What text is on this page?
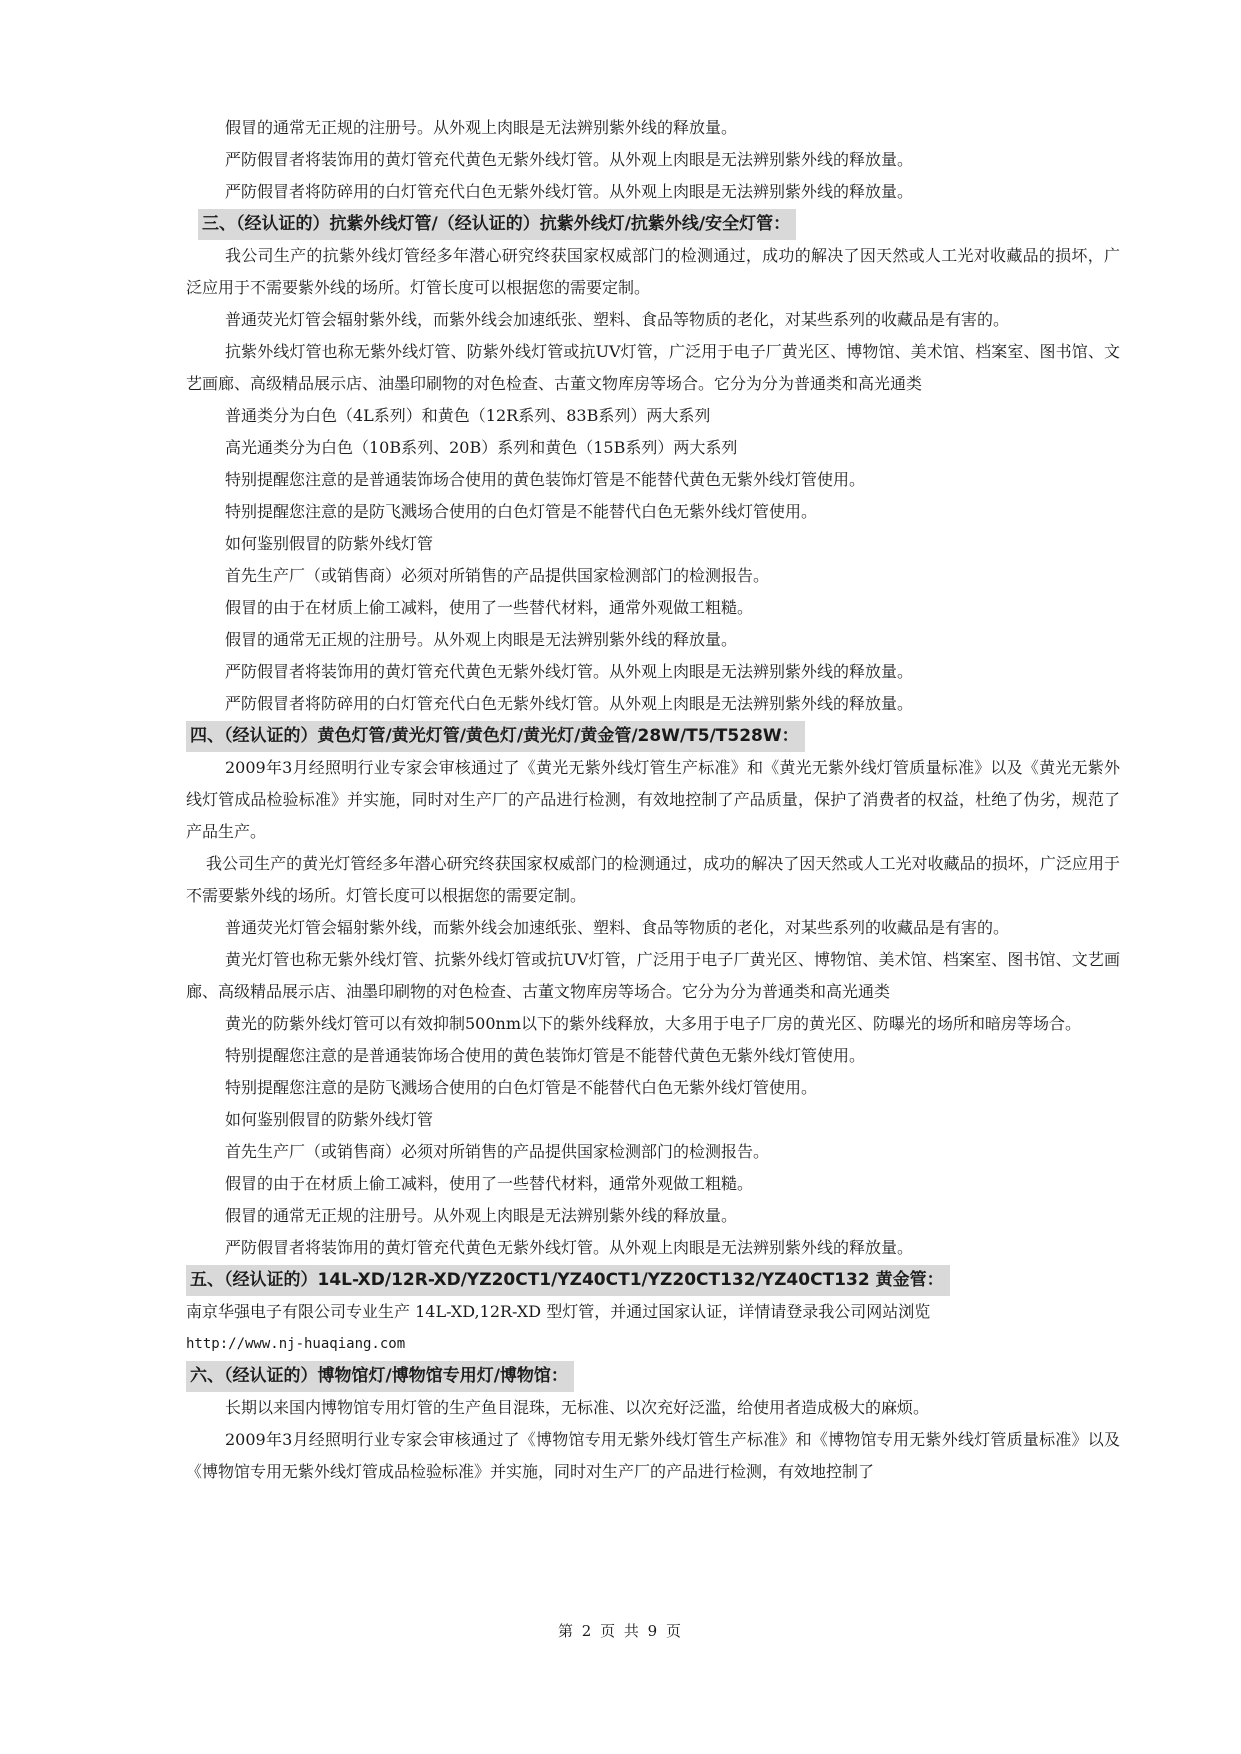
假冒的通常无正规的注册号。从外观上肉眼是无法辨别紫外线的释放量。

严防假冒者将装饰用的黄灯管充代黄色无紫外线灯管。从外观上肉眼是无法辨别紫外线的释放量。

严防假冒者将防碎用的白灯管充代白色无紫外线灯管。从外观上肉眼是无法辨别紫外线的释放量。

三、（经认证的）抗紫外线灯管/（经认证的）抗紫外线灯/抗紫外线/安全灯管：

我公司生产的抗紫外线灯管经多年潜心研究终获国家权威部门的检测通过，成功的解决了因天然或人工光对收藏品的损坏，广泛应用于不需要紫外线的场所。灯管长度可以根据您的需要定制。

普通荧光灯管会辐射紫外线，而紫外线会加速纸张、塑料、食品等物质的老化，对某些系列的收藏品是有害的。

抗紫外线灯管也称无紫外线灯管、防紫外线灯管或抗UV灯管，广泛用于电子厂黄光区、博物馆、美术馆、档案室、图书馆、文艺画廊、高级精品展示店、油墨印刷物的对色检查、古董文物库房等场合。它分为分为普通类和高光通类

普通类分为白色（4L系列）和黄色（12R系列、83B系列）两大系列

高光通类分为白色（10B系列、20B）系列和黄色（15B系列）两大系列

特别提醒您注意的是普通装饰场合使用的黄色装饰灯管是不能替代黄色无紫外线灯管使用。

特别提醒您注意的是防飞溅场合使用的白色灯管是不能替代白色无紫外线灯管使用。

如何鉴别假冒的防紫外线灯管

首先生产厂（或销售商）必须对所销售的产品提供国家检测部门的检测报告。

假冒的由于在材质上偷工减料，使用了一些替代材料，通常外观做工粗糙。

假冒的通常无正规的注册号。从外观上肉眼是无法辨别紫外线的释放量。

严防假冒者将装饰用的黄灯管充代黄色无紫外线灯管。从外观上肉眼是无法辨别紫外线的释放量。

严防假冒者将防碎用的白灯管充代白色无紫外线灯管。从外观上肉眼是无法辨别紫外线的释放量。

四、（经认证的）黄色灯管/黄光灯管/黄色灯/黄光灯/黄金管/28W/T5/T528W：

2009年3月经照明行业专家会审核通过了《黄光无紫外线灯管生产标准》和《黄光无紫外线灯管质量标准》以及《黄光无紫外线灯管成品检验标准》并实施，同时对生产厂的产品进行检测，有效地控制了产品质量，保护了消费者的权益，杜绝了伪劣，规范了产品生产。

我公司生产的黄光灯管经多年潜心研究终获国家权威部门的检测通过，成功的解决了因天然或人工光对收藏品的损坏，广泛应用于不需要紫外线的场所。灯管长度可以根据您的需要定制。

普通荧光灯管会辐射紫外线，而紫外线会加速纸张、塑料、食品等物质的老化，对某些系列的收藏品是有害的。

黄光灯管也称无紫外线灯管、抗紫外线灯管或抗UV灯管，广泛用于电子厂黄光区、博物馆、美术馆、档案室、图书馆、文艺画廊、高级精品展示店、油墨印刷物的对色检查、古董文物库房等场合。它分为分为普通类和高光通类

黄光的防紫外线灯管可以有效抑制500nm以下的紫外线释放，大多用于电子厂房的黄光区、防曝光的场所和暗房等场合。

特别提醒您注意的是普通装饰场合使用的黄色装饰灯管是不能替代黄色无紫外线灯管使用。

特别提醒您注意的是防飞溅场合使用的白色灯管是不能替代白色无紫外线灯管使用。

如何鉴别假冒的防紫外线灯管

首先生产厂（或销售商）必须对所销售的产品提供国家检测部门的检测报告。

假冒的由于在材质上偷工减料，使用了一些替代材料，通常外观做工粗糙。

假冒的通常无正规的注册号。从外观上肉眼是无法辨别紫外线的释放量。

严防假冒者将装饰用的黄灯管充代黄色无紫外线灯管。从外观上肉眼是无法辨别紫外线的释放量。

五、（经认证的）14L-XD/12R-XD/YZ20CT1/YZ40CT1/YZ20CT132/YZ40CT132 黄金管：

南京华强电子有限公司专业生产 14L-XD,12R-XD 型灯管，并通过国家认证，详情请登录我公司网站浏览

http://www.nj-huaqiang.com

六、（经认证的）博物馆灯/博物馆专用灯/博物馆：

长期以来国内博物馆专用灯管的生产鱼目混珠，无标准、以次充好泛滥，给使用者造成极大的麻烦。

2009年3月经照明行业专家会审核通过了《博物馆专用无紫外线灯管生产标准》和《博物馆专用无紫外线灯管质量标准》以及《博物馆专用无紫外线灯管成品检验标准》并实施，同时对生产厂的产品进行检测，有效地控制了

第 2 页 共 9 页
